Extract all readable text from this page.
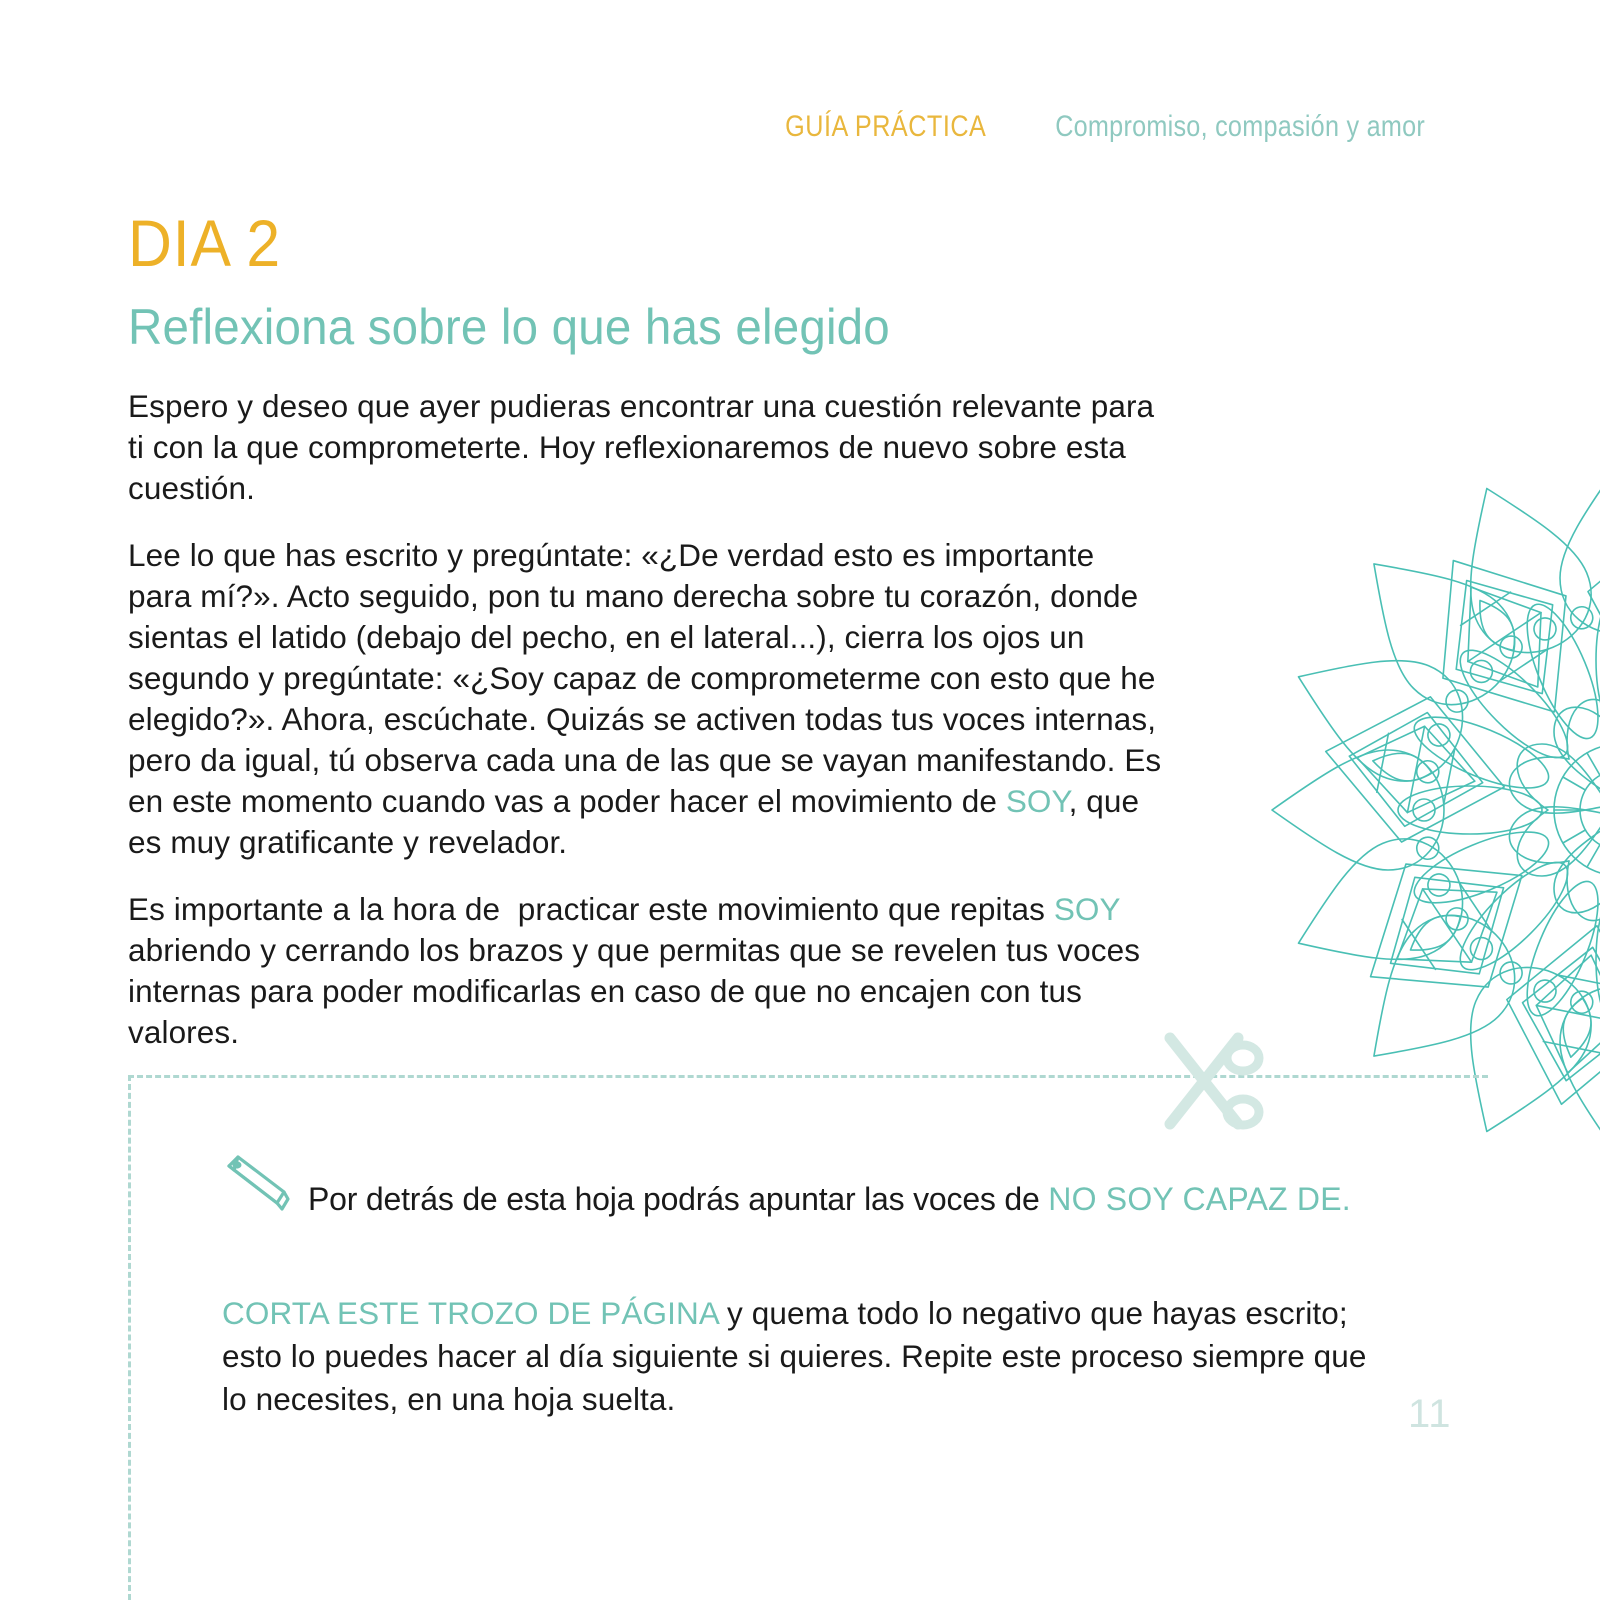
GUÍA PRÁCTICA Compromiso, compasión y amor
DIA 2
Reflexiona sobre lo que has elegido

Espero y deseo que ayer pudieras encontrar una cuestión relevante para ti con la que comprometerte. Hoy reflexionaremos de nuevo sobre esta cuestión.

Lee lo que has escrito y pregúntate: «¿De verdad esto es importante para mí?». Acto seguido, pon tu mano derecha sobre tu corazón, donde sientas el latido (debajo del pecho, en el lateral...), cierra los ojos un segundo y pregúntate: «¿Soy capaz de comprometerme con esto que he elegido?». Ahora, escúchate. Quizás se activen todas tus voces internas, pero da igual, tú observa cada una de las que se vayan manifestando. Es en este momento cuando vas a poder hacer el movimiento de SOY, que es muy gratificante y revelador.

Es importante a la hora de  practicar este movimiento que repitas SOY abriendo y cerrando los brazos y que permitas que se revelen tus voces internas para poder modificarlas en caso de que no encajen con tus valores.

Por detrás de esta hoja podrás apuntar las voces de NO SOY CAPAZ DE.
CORTA ESTE TROZO DE PÁGINA y quema todo lo negativo que hayas escrito; esto lo puedes hacer al día siguiente si quieres. Repite este proceso siempre que lo necesites, en una hoja suelta.	11
